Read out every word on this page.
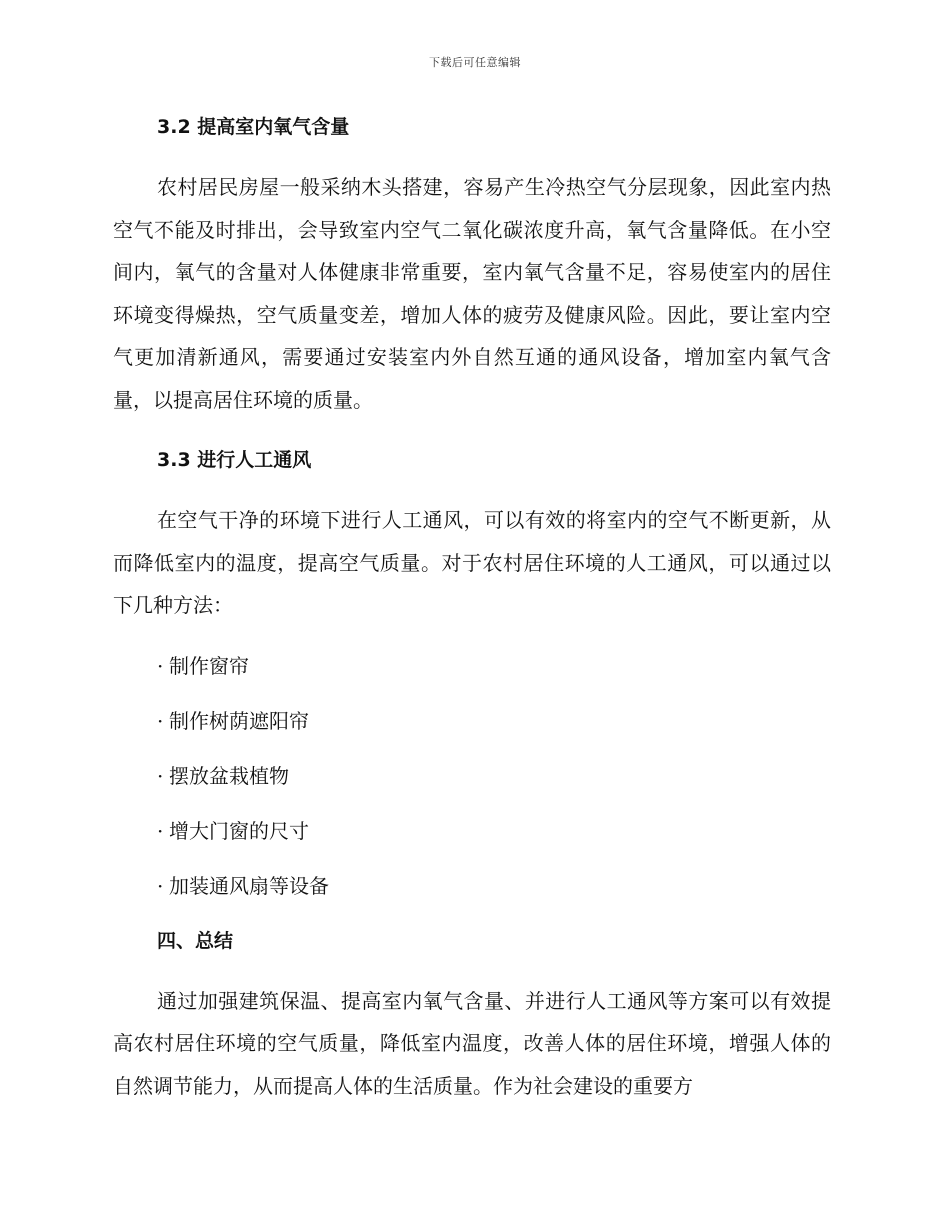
下载后可任意编辑
3.2 提高室内氧气含量

农村居民房屋一般采纳木头搭建，容易产生冷热空气分层现象，因此室内热空气不能及时排出，会导致室内空气二氧化碳浓度升高，氧气含量降低。在小空间内，氧气的含量对人体健康非常重要，室内氧气含量不足，容易使室内的居住环境变得燥热，空气质量变差，增加人体的疲劳及健康风险。因此，要让室内空气更加清新通风，需要通过安装室内外自然互通的通风设备，增加室内氧气含量，以提高居住环境的质量。

3.3 进行人工通风

在空气干净的环境下进行人工通风，可以有效的将室内的空气不断更新，从而降低室内的温度，提高空气质量。对于农村居住环境的人工通风，可以通过以下几种方法：

· 制作窗帘
· 制作树荫遮阳帘
· 摆放盆栽植物
· 增大门窗的尺寸
· 加装通风扇等设备
四、总结

通过加强建筑保温、提高室内氧气含量、并进行人工通风等方案可以有效提高农村居住环境的空气质量，降低室内温度，改善人体的居住环境，增强人体的自然调节能力，从而提高人体的生活质量。作为社会建设的重要方
